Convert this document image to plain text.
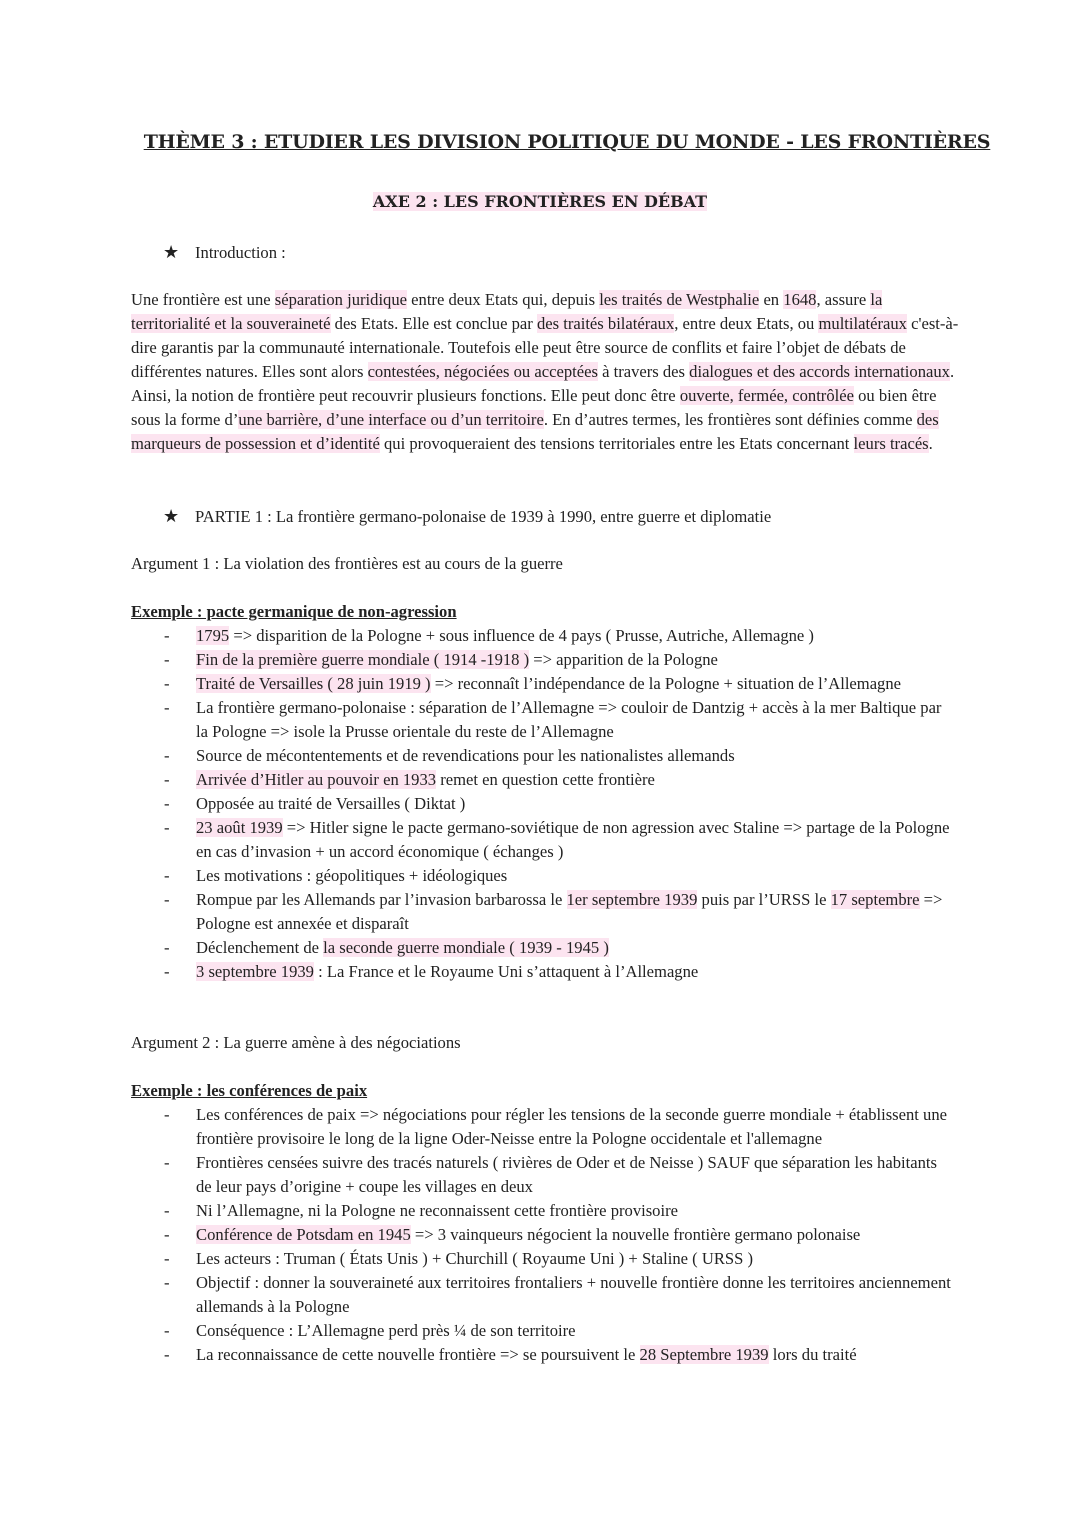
THÈME 3 : ETUDIER LES DIVISION POLITIQUE DU MONDE - LES FRONTIÈRES
AXE 2 : LES FRONTIÈRES EN DÉBAT
★ Introduction :
Une frontière est une séparation juridique entre deux Etats qui, depuis les traités de Westphalie en 1648, assure la territorialité et la souveraineté des Etats. Elle est conclue par des traités bilatéraux, entre deux Etats, ou multilatéraux c'est-à- dire garantis par la communauté internationale. Toutefois elle peut être source de conflits et faire l’objet de débats de différentes natures. Elles sont alors contestées, négociées ou acceptées à travers des dialogues et des accords internationaux. Ainsi, la notion de frontière peut recouvrir plusieurs fonctions. Elle peut donc être ouverte, fermée, contrôlée ou bien être sous la forme d’une barrière, d’une interface ou d’un territoire. En d’autres termes, les frontières sont définies comme des marqueurs de possession et d’identité qui provoqueraient des tensions territoriales entre les Etats concernant leurs tracés.
★ PARTIE 1 : La frontière germano-polonaise de 1939 à 1990, entre guerre et diplomatie
Argument 1 : La violation des frontières est au cours de la guerre
Exemple : pacte germanique de non-agression
- 1795 => disparition de la Pologne + sous influence de 4 pays ( Prusse, Autriche, Allemagne )
- Fin de la première guerre mondiale ( 1914 -1918 ) => apparition de la Pologne
- Traité de Versailles ( 28 juin 1919 ) => reconnaît l’indépendance de la Pologne + situation de l’Allemagne
- La frontière germano-polonaise : séparation de l’Allemagne => couloir de Dantzig + accès à la mer Baltique par la Pologne => isole la Prusse orientale du reste de l’Allemagne
- Source de mécontentements et de revendications pour les nationalistes allemands
- Arrivée d’Hitler au pouvoir en 1933 remet en question cette frontière
- Opposée au traité de Versailles ( Diktat )
- 23 août 1939 => Hitler signe le pacte germano-soviétique de non agression avec Staline => partage de la Pologne en cas d’invasion + un accord économique ( échanges )
- Les motivations : géopolitiques + idéologiques
- Rompue par les Allemands par l’invasion barbarossa le 1er septembre 1939 puis par l’URSS le 17 septembre => Pologne est annexée et disparaît
- Déclenchement de la seconde guerre mondiale ( 1939 - 1945 )
- 3 septembre 1939 : La France et le Royaume Uni s’attaquent à l’Allemagne
Argument 2 : La guerre amène à des négociations
Exemple : les conférences de paix
- Les conférences de paix => négociations pour régler les tensions de la seconde guerre mondiale + établissent une frontière provisoire le long de la ligne Oder-Neisse entre la Pologne occidentale et l'allemagne
- Frontières censées suivre des tracés naturels ( rivières de Oder et de Neisse ) SAUF que séparation les habitants de leur pays d’origine + coupe les villages en deux
- Ni l’Allemagne, ni la Pologne ne reconnaissent cette frontière provisoire
- Conférence de Potsdam en 1945 => 3 vainqueurs négocient la nouvelle frontière germano polonaise
- Les acteurs : Truman ( États Unis ) + Churchill ( Royaume Uni ) + Staline ( URSS )
- Objectif : donner la souveraineté aux territoires frontaliers + nouvelle frontière donne les territoires anciennement allemands à la Pologne
- Conséquence : L’Allemagne perd près ¼ de son territoire
- La reconnaissance de cette nouvelle frontière => se poursuivent le 28 Septembre 1939 lors du traité
